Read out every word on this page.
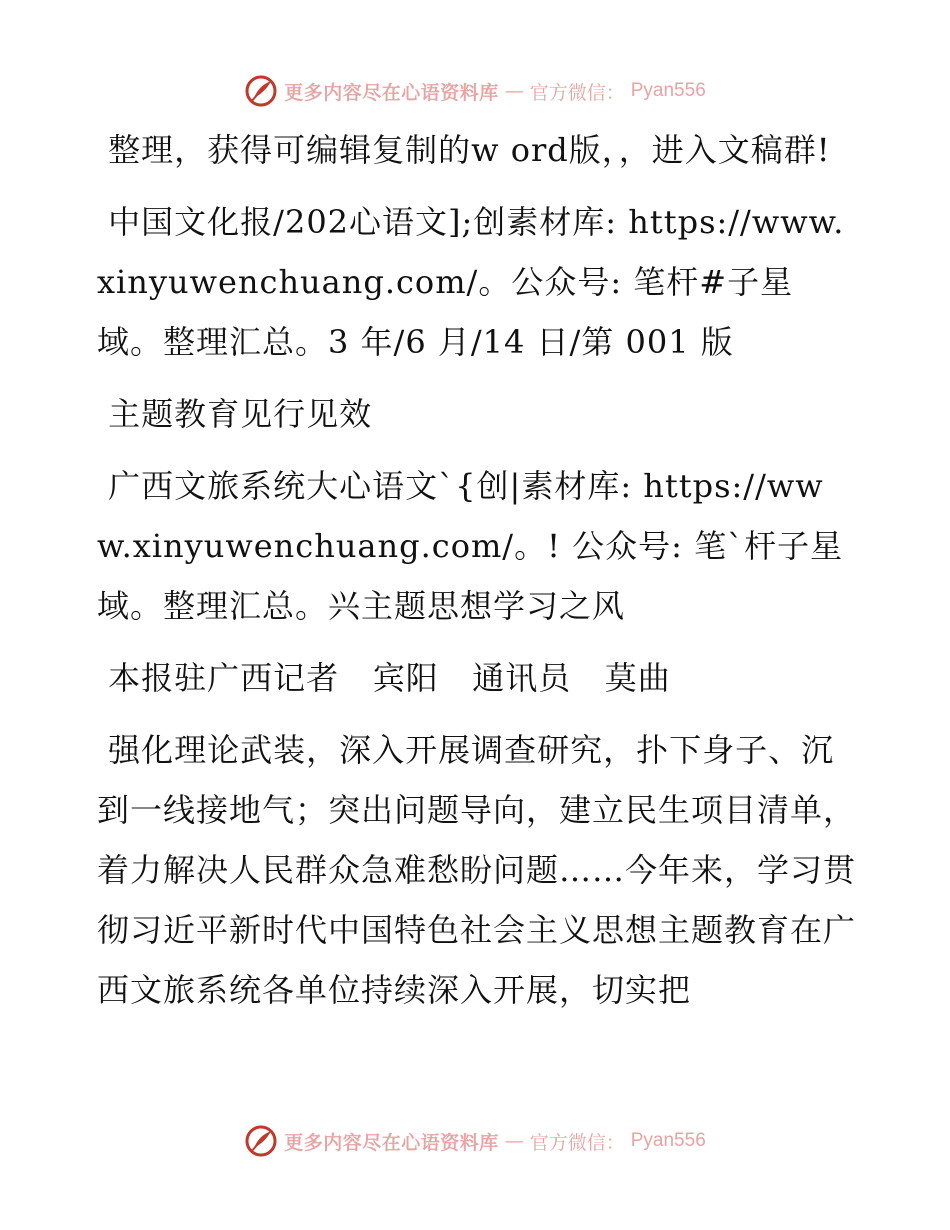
更多内容尽在心语资料库 — 官方微信： Pyan556

整理，获得可编辑复制的w ord版，，进入文稿群!

中国文化报/202心语文];创素材库: https://www.xinyuwenchuang.com/。公众号: 笔杆#子星域。整理汇总。3 年/6 月/14 日/第 001 版

主题教育见行见效

广西文旅系统大心语文`{创|素材库: https://www.xinyuwenchuang.com/。! 公众号: 笔`杆子星域。整理汇总。兴主题思想学习之风

本报驻广西记者   宾阳   通讯员   莫曲

强化理论武装，深入开展调查研究，扑下身子、沉到一线接地气；突出问题导向，建立民生项目清单，着力解决人民群众急难愁盼问题……今年来，学习贯彻习近平新时代中国特色社会主义思想主题教育在广西文旅系统各单位持续深入开展，切实把

更多内容尽在心语资料库 — 官方微信： Pyan556
